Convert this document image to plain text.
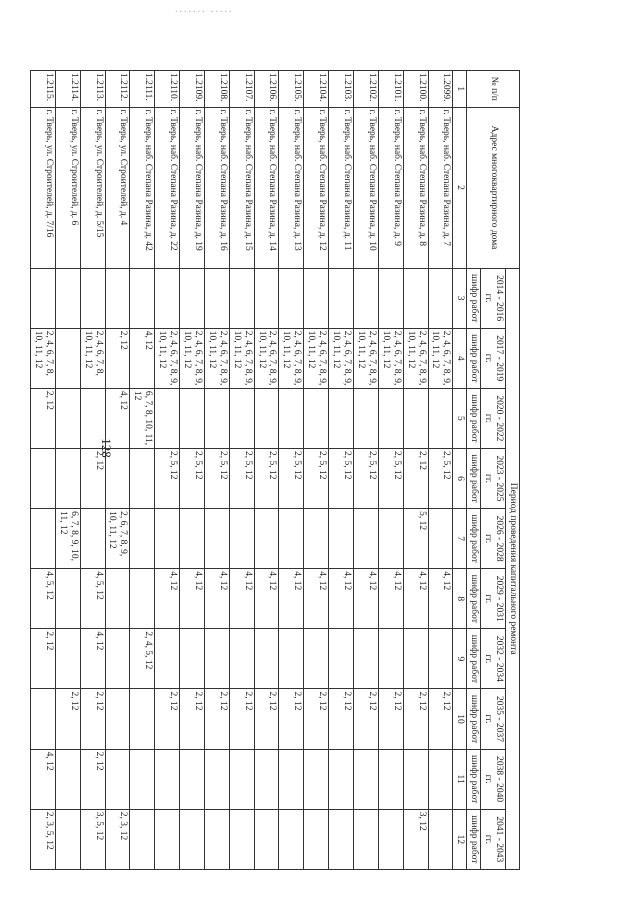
....... .....
128
№ п/п	Адрес многоквартирного дома	Период проведения капитального ремонта									
		2014 - 2016 гг.	2017 - 2019 гг.	2020 - 2022 гг.	2023 - 2025 гг.	2026 - 2028 гг.	2029 - 2031 гг.	2032 - 2034 гг.	2035 - 2037 гг.	2038 - 2040 гг.	2041 - 2043 гг.
		шифр работ	шифр работ	шифр работ	шифр работ	шифр работ	шифр работ	шифр работ	шифр работ	шифр работ	шифр работ
1	2	3	4	5	6	7	8	9	10	11	12
1.2099.	г. Тверь, наб. Степана Разина, д. 7		2, 4, 6, 7, 8, 9, 10, 11, 12		2, 5, 12		4, 12		2, 12		
1.2100.	г. Тверь, наб. Степана Разина, д. 8		2, 4, 6, 7, 8, 9, 10, 11, 12		2, 12	5, 12	4, 12		2, 12		3, 12
1.2101.	г. Тверь, наб. Степана Разина, д. 9		2, 4, 6, 7, 8, 9, 10, 11, 12		2, 5, 12		4, 12		2, 12		
1.2102.	г. Тверь, наб. Степана Разина, д. 10		2, 4, 6, 7, 8, 9, 10, 11, 12		2, 5, 12		4, 12		2, 12		
1.2103.	г. Тверь, наб. Степана Разина, д. 11		2, 4, 6, 7, 8, 9, 10, 11, 12		2, 5, 12		4, 12		2, 12		
1.2104.	г. Тверь, наб. Степана Разина, д. 12		2, 4, 6, 7, 8, 9, 10, 11, 12		2, 5, 12		4, 12		2, 12		
1.2105.	г. Тверь, наб. Степана Разина, д. 13		2, 4, 6, 7, 8, 9, 10, 11, 12		2, 5, 12		4, 12		2, 12		
1.2106.	г. Тверь, наб. Степана Разина, д. 14		2, 4, 6, 7, 8, 9, 10, 11, 12		2, 5, 12		4, 12		2, 12		
1.2107.	г. Тверь, наб. Степана Разина, д. 15		2, 4, 6, 7, 8, 9, 10, 11, 12		2, 5, 12		4, 12		2, 12		
1.2108.	г. Тверь, наб. Степана Разина, д. 16		2, 4, 6, 7, 8, 9, 10, 11, 12		2, 5, 12		4, 12		2, 12		
1.2109.	г. Тверь, наб. Степана Разина, д. 19		2, 4, 6, 7, 8, 9, 10, 11, 12		2, 5, 12		4, 12		2, 12		
1.2110.	г. Тверь, наб. Степана Разина, д. 22		2, 4, 6, 7, 8, 9, 10, 11, 12		2, 5, 12		4, 12		2, 12		
1.2111.	г. Тверь, наб. Степана Разина, д. 42		4, 12	6, 7, 8, 10, 11, 12				2, 4, 5, 12			
1.2112.	г. Тверь, ул. Строителей, д. 4		2, 12	4, 12		2, 6, 7, 8, 9, 10, 11, 12					2, 3, 12
1.2113.	г. Тверь, ул. Строителей, д. 5/15		2, 4, 6, 7, 8, 10, 11, 12		2, 12		4, 5, 12	4, 12	2, 12	2, 12	3, 5, 12
1.2114.	г. Тверь, ул. Строителей, д. 6					6, 7, 8, 9, 10, 11, 12			2, 12		
1.2115.	г. Тверь, ул. Строителей, д. 7/16		2, 4, 6, 7, 8, 10, 11, 12	2, 12			4, 5, 12	2, 12		4, 12	2, 3, 5, 12
